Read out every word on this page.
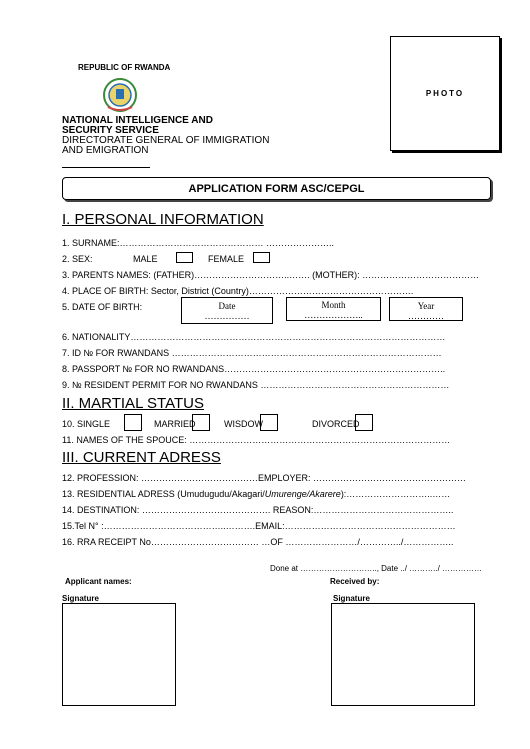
REPUBLIC OF RWANDA
NATIONAL INTELLIGENCE AND
SECURITY SERVICE
DIRECTORATE GENERAL OF IMMIGRATION
AND EMIGRATION
PHOTO
APPLICATION FORM ASC/CEPGL
I. PERSONAL INFORMATION
1. SURNAME:………………………………………… …………………..
2. SEX:	MALE	FEMALE
3. PARENTS NAMES: (FATHER)…………………………..……. (MOTHER): …………………………………
4. PLACE OF BIRTH: Sector, District (Country)……………………………………………….
5. DATE OF BIRTH:	Date
……………
Month
………………..
Year
…………
6. NATIONALITY……………………………………………………………………………………………
7. ID № FOR RWANDANS ………………………………………………………………………………
8. PASSPORT № FOR NO RWANDANS………………………………………………………………..
9. № RESIDENT PERMIT FOR NO RWANDANS ………………………………………………………
II. MARTIAL STATUS
10. SINGLE	MARRIED	WISDOW	DIVORCED
11. NAMES OF THE SPOUCE: ……………………………………………………………………………
III. CURRENT ADRESS
12. PROFESSION: …………………………………EMPLOYER: ……………………………………………
13. RESIDENTIAL ADRESS (Umudugudu/Akagari/Umurenge/Akarere):………………………..……
14. DESTINATION: ……………………………………. REASON:………………………………………..
15.Tel N° :…………………………………..……….EMAIL:…………………………………………………
16. RRA RECEIPT No……………………………… …OF ……………………/…………../……………..
Done at ……………………….., Date ../ ………../ ……………
Applicant names:	Received by:
Signature	Signature
